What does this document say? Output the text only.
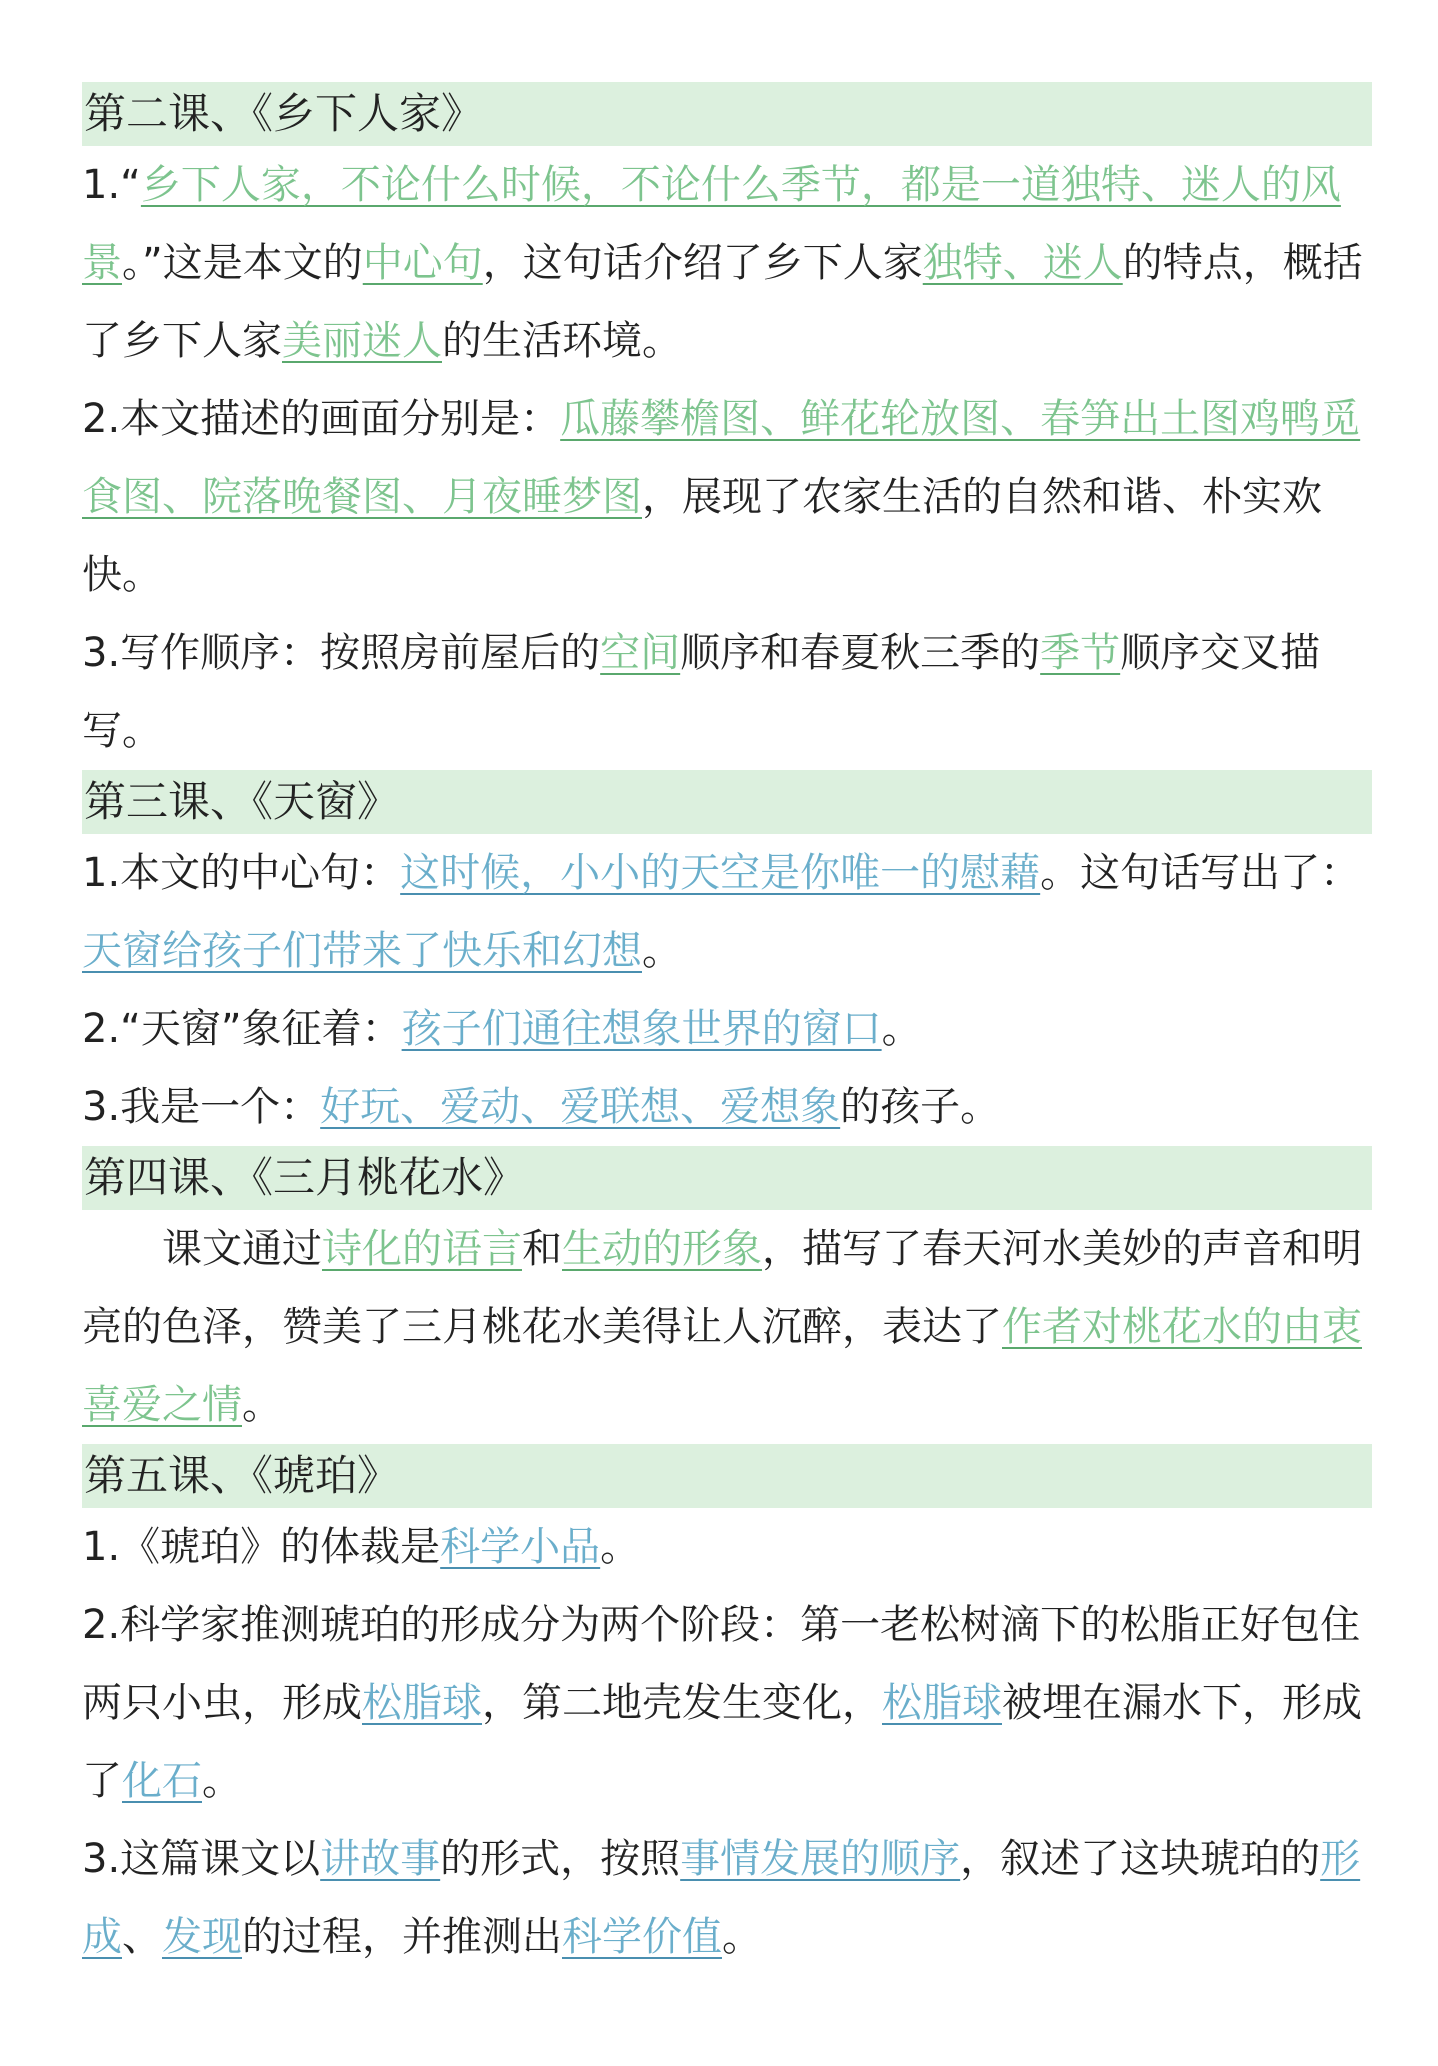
第二课、《乡下人家》

1.“乡下人家，不论什么时候，不论什么季节，都是一道独特、迷人的风景。”这是本文的中心句，这句话介绍了乡下人家独特、迷人的特点，概括了乡下人家美丽迷人的生活环境。

2.本文描述的画面分别是：瓜藤攀檐图、鲜花轮放图、春笋出土图鸡鸭觅食图、院落晚餐图、月夜睡梦图，展现了农家生活的自然和谐、朴实欢快。

3.写作顺序：按照房前屋后的空间顺序和春夏秋三季的季节顺序交叉描写。

第三课、《天窗》

1.本文的中心句：这时候，小小的天空是你唯一的慰藉。这句话写出了：天窗给孩子们带来了快乐和幻想。

2.“天窗”象征着：孩子们通往想象世界的窗口。

3.我是一个：好玩、爱动、爱联想、爱想象的孩子。

第四课、《三月桃花水》

课文通过诗化的语言和生动的形象，描写了春天河水美妙的声音和明亮的色泽，赞美了三月桃花水美得让人沉醉，表达了作者对桃花水的由衷喜爱之情。

第五课、《琥珀》

1.《琥珀》的体裁是科学小品。

2.科学家推测琥珀的形成分为两个阶段：第一老松树滴下的松脂正好包住两只小虫，形成松脂球，第二地壳发生变化，松脂球被埋在漏水下，形成了化石。

3.这篇课文以讲故事的形式，按照事情发展的顺序，叙述了这块琥珀的形成、发现的过程，并推测出科学价值。
